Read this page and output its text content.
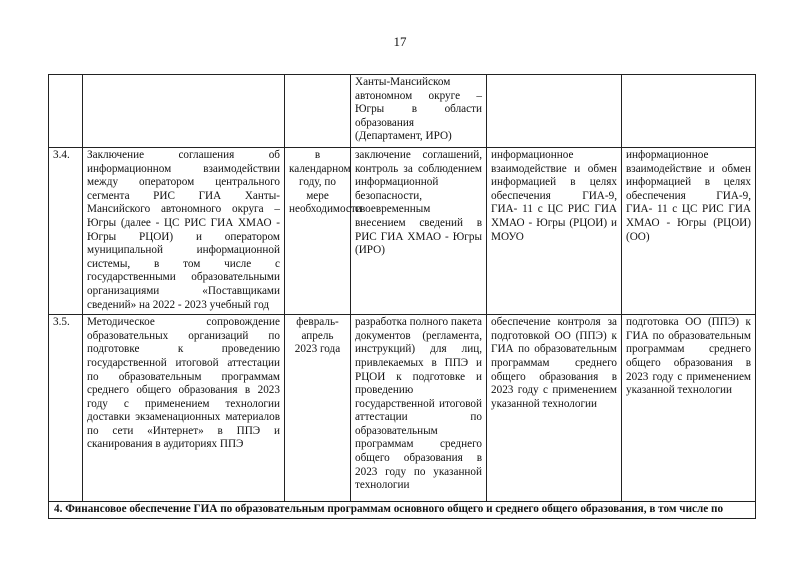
17
			Ханты-Мансийском автономном округе – Югры в области образования (Департамент, ИРО)		
3.4.	Заключение соглашения об информационном взаимодействии между оператором центрального сегмента РИС ГИА Ханты-Мансийского автономного округа – Югры (далее - ЦС РИС ГИА ХМАО - Югры РЦОИ) и оператором муниципальной информационной системы, в том числе с государственными образовательными организациями «Поставщиками сведений» на 2022 - 2023 учебный год	в календарном году, по мере необходимости	заключение соглашений, контроль за соблюдением информационной безопасности, своевременным внесением сведений в РИС ГИА ХМАО - Югры (ИРО)	информационное взаимодействие и обмен информацией в целях обеспечения ГИА-9, ГИА- 11 с ЦС РИС ГИА ХМАО - Югры (РЦОИ) и МОУО	информационное взаимодействие и обмен информацией в целях обеспечения ГИА-9, ГИА- 11 с ЦС РИС ГИА ХМАО - Югры (РЦОИ) (ОО)
3.5.	Методическое сопровождение образовательных организаций по подготовке к проведению государственной итоговой аттестации по образовательным программам среднего общего образования в 2023 году с применением технологии доставки экзаменационных материалов по сети «Интернет» в ППЭ и сканирования в аудиториях ППЭ	февраль-апрель 2023 года	разработка полного пакета документов (регламента, инструкций) для лиц, привлекаемых в ППЭ и РЦОИ к подготовке и проведению государственной итоговой аттестации по образовательным программам среднего общего образования в 2023 году по указанной технологии	обеспечение контроля за подготовкой ОО (ППЭ) к ГИА по образовательным программам среднего общего образования в 2023 году с применением указанной технологии	подготовка ОО (ППЭ) к ГИА по образовательным программам среднего общего образования в 2023 году с применением указанной технологии
4. Финансовое обеспечение ГИА по образовательным программам основного общего и среднего общего образования, в том числе по					
